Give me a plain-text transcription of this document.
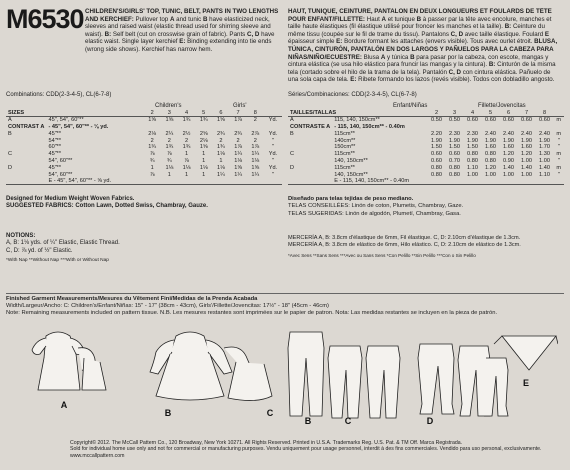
M6530 CHILDREN'S/GIRLS' TOP, TUNIC, BELT, PANTS IN TWO LENGTHS AND KERCHIEF: Pullover top A and tunic B have elasticized neck, sleeves and raised waist (elastic thread used for shirring sleeve and waist). B: Self belt (cut on crosswise grain of fabric). Pants C, D have elastic waist. Single layer kerchief E: Binding extending into tie ends (wrong side shows). Kerchief has narrow hem.
HAUT, TUNIQUE, CEINTURE, PANTALON EN DEUX LONGUEURS ET FOULARDS DE TÊTE POUR ENFANT/FILLETTE: Haut A et tunique B à passer par la tête avec encolure, manches et taille haute élastiques (fil élastique utilisé pour froncer les manches et la taille). B: Ceinture du même tissu (coupée sur le fil de trame du tissu). Pantalons C, D avec taille élastique. Foulard E épaisseur simple E: Bordure formant les attaches (envers visible). Tous avec ourlet étroit. BLUSA, TÚNICA, CINTURÓN, PANTALÓN EN DOS LARGOS Y PAÑUELOS PARA LA CABEZA PARA NIÑAS/NIÑO/ECUESTRE: Blusa A y túnica B para pasar por la cabeza, con escote, mangas y cintura elástica (se usa hilo elástico para fruncir las mangas y la cintura). B: Cinturón de la misma tela (cortado sobre el hilo de la trama de la tela). Pantalón C, D con cintura elástica. Pañuelo de una sola capa de tela. E: Ribete formando los lazos (revés visible). Todos con dobladillo angosto.
Combinations: CDD(2-3-4-5), CL(6-7-8)
Children's	Girls'
SIZES		2	3	4	5	6	7	8	
A	45", 54", 60"**	1⅝	1⅝	1¾	1¾	1⅝	1⅞	2	Yd.
CONTRAST A	- 45", 54", 60"** - ⅛ yd.								
B	45"**	2⅛	2¼	2½	2⅝	2¾	2¾	2⅞	Yd.
	54"**	2	2	2	2⅛	2	2	2	"
	60"**	1¾	1¾	1¾	1⅝	1¾	1⅞	1⅞	"
C	45"**	⅞	⅞	1	1	1⅛	1¼	1¼	Yd.
	54", 60"**	¾	¾	⅞	1	1	1⅛	1⅛	"
D	45"**	1	1⅛	1⅛	1⅛	1⅛	1⅝	1⅝	Yd.
	54", 60"**	⅞	1	1	1	1¼	1¼	1¼	"
	E - 45", 54", 60"** - ⅝ yd.								
Designed for Medium Weight Woven Fabrics.
SUGGESTED FABRICS: Cotton Lawn, Dotted Swiss, Chambray, Gauze.
NOTIONS:
A, B: 1⅛ yds. of ¼" Elastic, Elastic Thread.
C, D: ⅞ yd. of ½" Elastic.
*With Nap **Without Nap ***With or Without Nap
Séries/Combinaciones: CDD(2-3-4-5), CL(6-7-8)
Enfant/Niñas	Fillette/Jovencitas
TAILLES/TALLAS		2	3	4	5	6	7	8	
A	115, 140, 150cm**	0.50	0.50	0.60	0.60	0.60	0.60	0.60	m
CONTRASTE A	- 115, 140, 150cm** - 0.40m								
B	115cm**	2.20	2.30	2.30	2.40	2.40	2.40	2.40	m
	140cm**	1.90	1.90	1.90	1.90	1.90	1.90	1.90	"
	150cm**	1.50	1.50	1.50	1.60	1.60	1.60	1.70	"
C	115cm**	0.60	0.60	0.80	0.80	1.20	1.20	1.30	m
	140, 150cm**	0.60	0.70	0.80	0.80	0.90	1.00	1.00	"
D	115cm**	0.80	0.80	1.10	1.20	1.40	1.40	1.40	m
	140, 150cm**	0.80	0.80	1.00	1.00	1.00	1.00	1.10	"
	E - 115, 140, 150cm** - 0.40m								
Diseñado para telas tejidas de peso mediano.
TELAS CONSEILLÉES: Linón de coton, Plumetis, Chambray, Gaze.
TELAS SUGERIDAS: Linón de algodón, Plumetí, Chambray, Gasa.
MERCERÍA A, B: 3.8cm d'élastique de 6mm, Fil élastique. C, D: 2.10cm d'élastique de 1.3cm.
MERCERÍA A, B: 3.8cm de elástico de 6mm, Hilo elástico. C, D: 2.10cm de elástico de 1.3cm.
*Avec Sens **Sans Sens ***Avec ou Sans Sens *Con Pelillo **Sin Pelillo ***Con o Sin Pelillo
Finished Garment Measurements/Mesures du Vêtement Fini/Medidas de la Prenda Acabada
Width/Largeur/Ancho: C: Children's/Enfant/Niñas: 15" - 17" (38cm - 43cm), Girls'/Fillette/Jovencitas: 17½" - 18" (45cm - 46cm)
Note: Remaining measurements included on pattern tissue. N.B. Les mesures restantes sont imprimées sur le papier de patron. Nota: Las medidas restantes se incluyen en la pieza de patrón.
A
B	C
B	C	D
E
Copyright© 2012. The McCall Pattern Co., 120 Broadway, New York 10271. All Rights Reserved. Printed in U.S.A. Trademarks Reg. U.S. Pat. & TM Off. Marca Registrada.
Sold for individual home use only and not for commercial or manufacturing purposes. Vendu uniquement pour usage personnel, interdit à des fins commerciales. Vendido para uso personal, exclusivamente. www.mccallpattern.com
